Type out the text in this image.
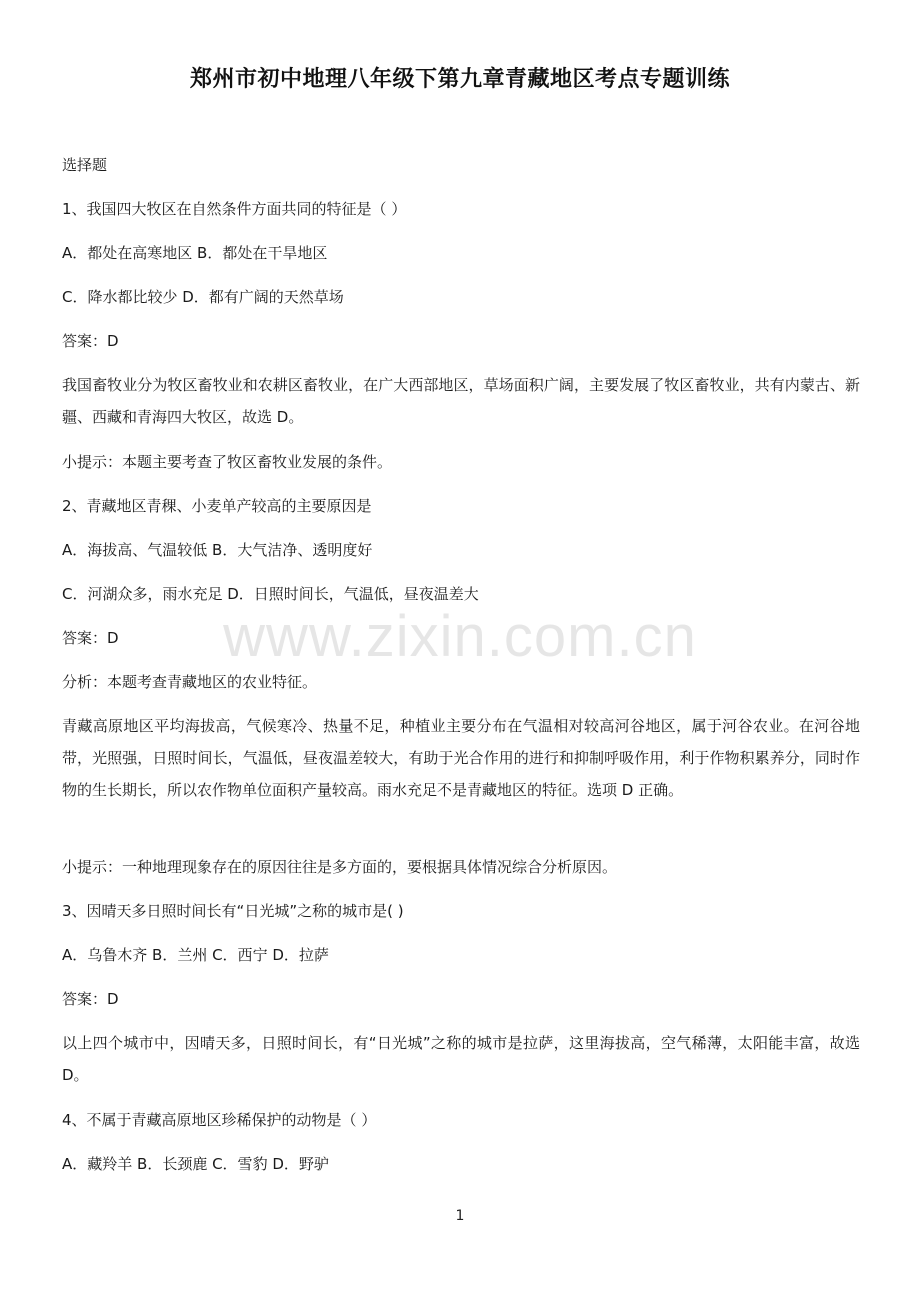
郑州市初中地理八年级下第九章青藏地区考点专题训练
选择题
1、我国四大牧区在自然条件方面共同的特征是（ ）
A．都处在高寒地区 B．都处在干旱地区
C．降水都比较少 D．都有广阔的天然草场
答案：D
我国畜牧业分为牧区畜牧业和农耕区畜牧业，在广大西部地区，草场面积广阔，主要发展了牧区畜牧业，共有内蒙古、新疆、西藏和青海四大牧区，故选 D。
小提示：本题主要考查了牧区畜牧业发展的条件。
2、青藏地区青稞、小麦单产较高的主要原因是
A．海拔高、气温较低 B．大气洁净、透明度好
C．河湖众多，雨水充足 D．日照时间长，气温低，昼夜温差大
答案：D
分析：本题考查青藏地区的农业特征。
青藏高原地区平均海拔高，气候寒冷、热量不足，种植业主要分布在气温相对较高河谷地区，属于河谷农业。在河谷地带，光照强，日照时间长，气温低，昼夜温差较大，有助于光合作用的进行和抑制呼吸作用，利于作物积累养分，同时作物的生长期长，所以农作物单位面积产量较高。雨水充足不是青藏地区的特征。选项 D 正确。
小提示：一种地理现象存在的原因往往是多方面的，要根据具体情况综合分析原因。
3、因晴天多日照时间长有“日光城”之称的城市是( )
A．乌鲁木齐 B．兰州 C．西宁 D．拉萨
答案：D
以上四个城市中，因晴天多，日照时间长，有“日光城”之称的城市是拉萨，这里海拔高，空气稀薄，太阳能丰富，故选 D。
4、不属于青藏高原地区珍稀保护的动物是（ ）
A．藏羚羊 B．长颈鹿 C．雪豹 D．野驴
www.zixin.com.cn
1
